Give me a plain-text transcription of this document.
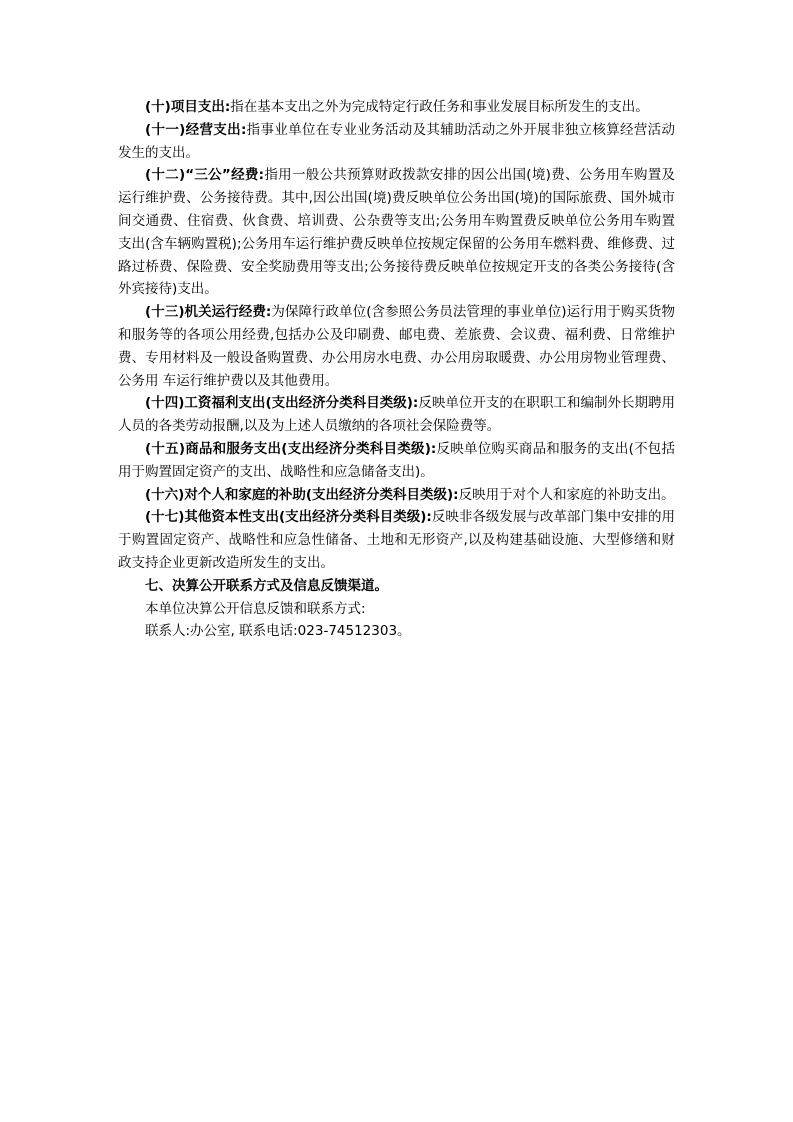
(十)项目支出:指在基本支出之外为完成特定行政任务和事业发展目标所发生的支出。

(十一)经营支出:指事业单位在专业业务活动及其辅助活动之外开展非独立核算经营活动发生的支出。

(十二)“三公”经费:指用一般公共预算财政拨款安排的因公出国(境)费、公务用车购置及运行维护费、公务接待费。其中,因公出国(境)费反映单位公务出国(境)的国际旅费、国外城市间交通费、住宿费、伙食费、培训费、公杂费等支出;公务用车购置费反映单位公务用车购置 支出(含车辆购置税);公务用车运行维护费反映单位按规定保留的公务用车燃料费、维修费、过路过桥费、保险费、安全奖励费用等支出;公务接待费反映单位按规定开支的各类公务接待(含外宾接待)支出。

(十三)机关运行经费:为保障行政单位(含参照公务员法管理的事业单位)运行用于购买货物和服务等的各项公用经费,包括办公及印刷费、邮电费、差旅费、会议费、福利费、日常维护费、专用材料及一般设备购置费、办公用房水电费、办公用房取暖费、办公用房物业管理费、公务用 车运行维护费以及其他费用。

(十四)工资福利支出(支出经济分类科目类级):反映单位开支的在职职工和编制外长期聘用人员的各类劳动报酬,以及为上述人员缴纳的各项社会保险费等。

(十五)商品和服务支出(支出经济分类科目类级):反映单位购买商品和服务的支出(不包括用于购置固定资产的支出、战略性和应急储备支出)。

(十六)对个人和家庭的补助(支出经济分类科目类级):反映用于对个人和家庭的补助支出。

(十七)其他资本性支出(支出经济分类科目类级):反映非各级发展与改革部门集中安排的用于购置固定资产、战略性和应急性储备、土地和无形资产,以及构建基础设施、大型修缮和财政支持企业更新改造所发生的支出。

七、决算公开联系方式及信息反馈渠道。

本单位决算公开信息反馈和联系方式:

联系人:办公室, 联系电话:023-74512303。
